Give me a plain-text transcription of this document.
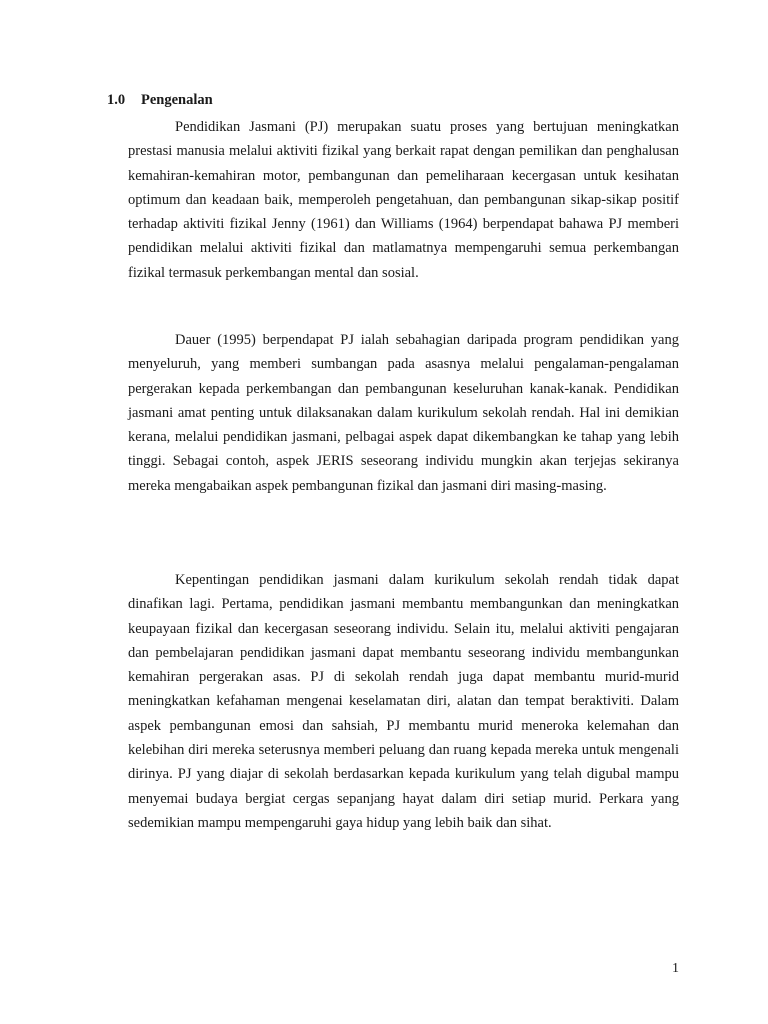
1.0 Pengenalan

Pendidikan Jasmani (PJ) merupakan suatu proses yang bertujuan meningkatkan prestasi manusia melalui aktiviti fizikal yang berkait rapat dengan pemilikan dan penghalusan kemahiran-kemahiran motor, pembangunan dan pemeliharaan kecergasan untuk kesihatan optimum dan keadaan baik, memperoleh pengetahuan, dan pembangunan sikap-sikap positif terhadap aktiviti fizikal Jenny (1961) dan Williams (1964) berpendapat bahawa PJ memberi pendidikan melalui aktiviti fizikal dan matlamatnya mempengaruhi semua perkembangan fizikal termasuk perkembangan mental dan sosial.

Dauer (1995) berpendapat PJ ialah sebahagian daripada program pendidikan yang menyeluruh, yang memberi sumbangan pada asasnya melalui pengalaman-pengalaman pergerakan kepada perkembangan dan pembangunan keseluruhan kanak-kanak. Pendidikan jasmani amat penting untuk dilaksanakan dalam kurikulum sekolah rendah. Hal ini demikian kerana, melalui pendidikan jasmani, pelbagai aspek dapat dikembangkan ke tahap yang lebih tinggi. Sebagai contoh, aspek JERIS seseorang individu mungkin akan terjejas sekiranya mereka mengabaikan aspek pembangunan fizikal dan jasmani diri masing-masing.

Kepentingan pendidikan jasmani dalam kurikulum sekolah rendah tidak dapat dinafikan lagi. Pertama, pendidikan jasmani membantu membangunkan dan meningkatkan keupayaan fizikal dan kecergasan seseorang individu. Selain itu, melalui aktiviti pengajaran dan pembelajaran pendidikan jasmani dapat membantu seseorang individu membangunkan kemahiran pergerakan asas. PJ di sekolah rendah juga dapat membantu murid-murid meningkatkan kefahaman mengenai keselamatan diri, alatan dan tempat beraktiviti. Dalam aspek pembangunan emosi dan sahsiah, PJ membantu murid meneroka kelemahan dan kelebihan diri mereka seterusnya memberi peluang dan ruang kepada mereka untuk mengenali dirinya. PJ yang diajar di sekolah berdasarkan kepada kurikulum yang telah digubal mampu menyemai budaya bergiat cergas sepanjang hayat dalam diri setiap murid. Perkara yang sedemikian mampu mempengaruhi gaya hidup yang lebih baik dan sihat.

1
